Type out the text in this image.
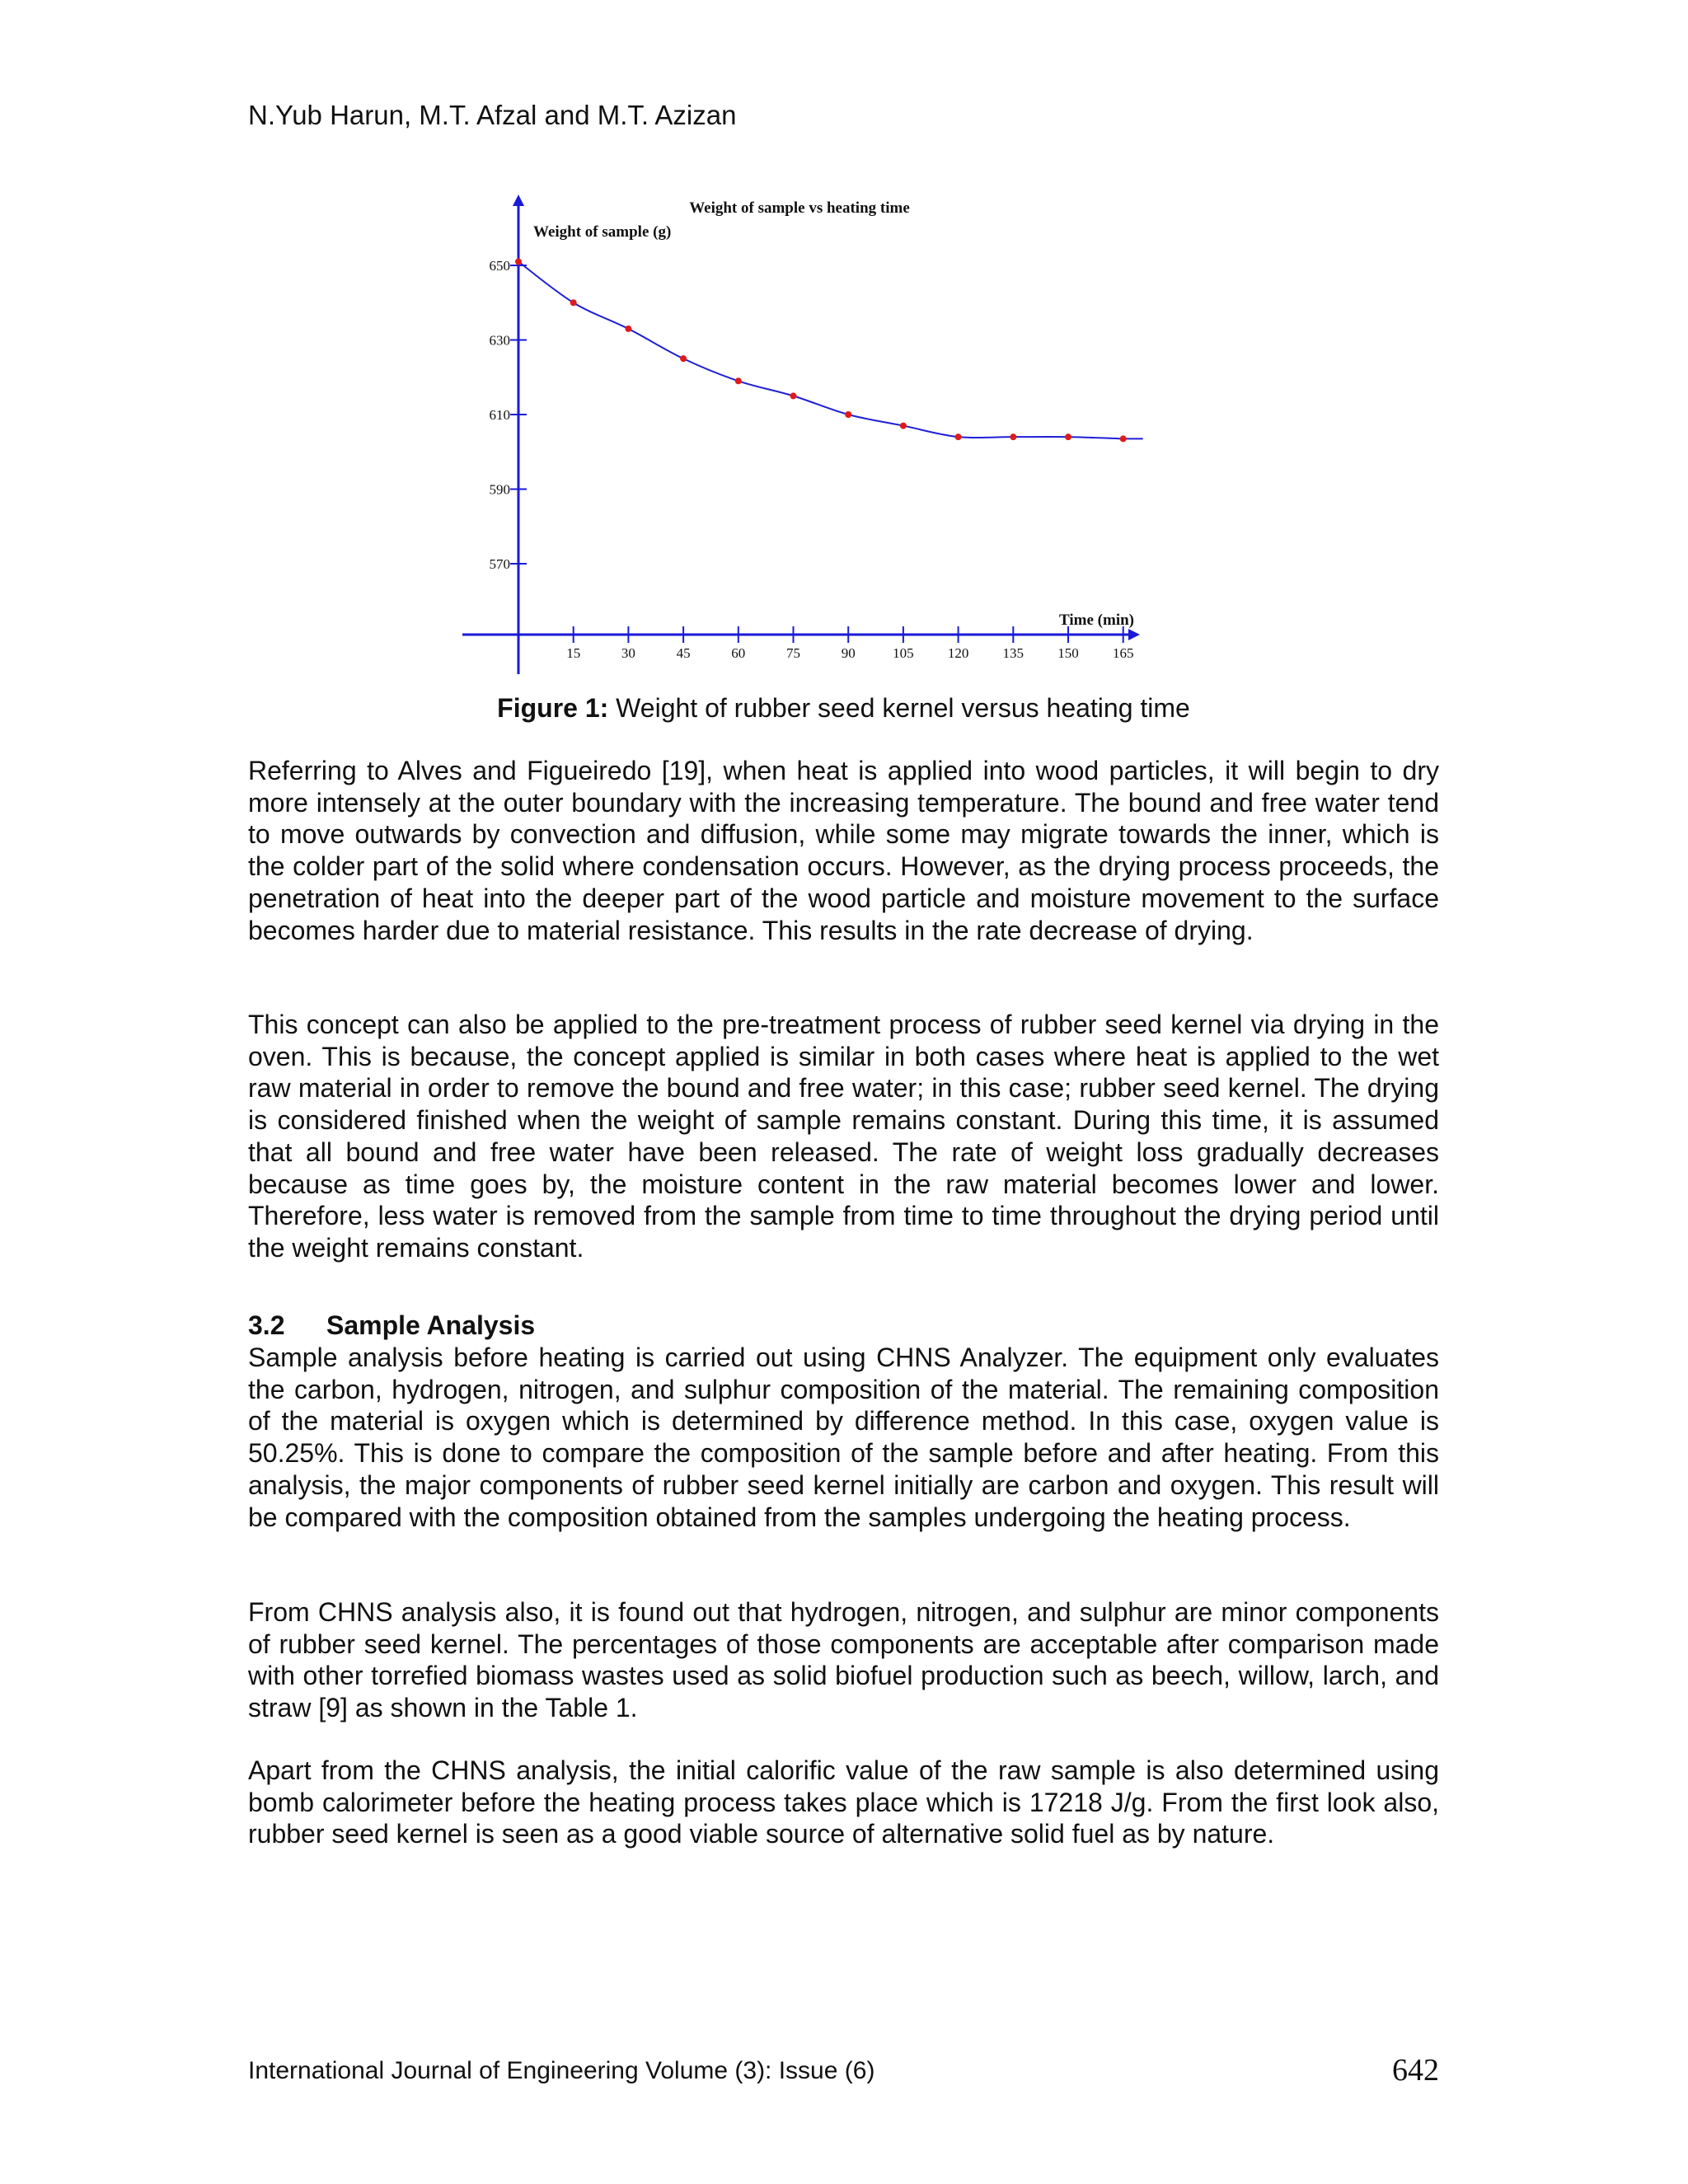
N.Yub Harun, M.T. Afzal and M.T. Azizan
Weight of sample vs heating time
Weight of sample (g)
Time (min)
15	30	45	60	75	90	105 120 135 150 165
570
590
610
630
650
Figure 1: Weight of rubber seed kernel versus heating time

Referring to Alves and Figueiredo [19], when heat is applied into wood particles, it will begin to dry more intensely at the outer boundary with the increasing temperature. The bound and free water tend to move outwards by convection and diffusion, while some may migrate towards the inner, which is the colder part of the solid where condensation occurs. However, as the drying process proceeds, the penetration of heat into the deeper part of the wood particle and moisture movement to the surface becomes harder due to material resistance. This results in the rate decrease of drying.

This concept can also be applied to the pre-treatment process of rubber seed kernel via drying in the oven. This is because, the concept applied is similar in both cases where heat is applied to the wet raw material in order to remove the bound and free water; in this case; rubber seed kernel. The drying is considered finished when the weight of sample remains constant. During this time, it is assumed that all bound and free water have been released. The rate of weight loss gradually decreases because as time goes by, the moisture content in the raw material becomes lower and lower. Therefore, less water is removed from the sample from time to time throughout the drying period until the weight remains constant.

3.2 Sample Analysis

Sample analysis before heating is carried out using CHNS Analyzer. The equipment only evaluates the carbon, hydrogen, nitrogen, and sulphur composition of the material. The remaining composition of the material is oxygen which is determined by difference method. In this case, oxygen value is 50.25%. This is done to compare the composition of the sample before and after heating. From this analysis, the major components of rubber seed kernel initially are carbon and oxygen. This result will be compared with the composition obtained from the samples undergoing the heating process.

From CHNS analysis also, it is found out that hydrogen, nitrogen, and sulphur are minor components of rubber seed kernel. The percentages of those components are acceptable after comparison made with other torrefied biomass wastes used as solid biofuel production such as beech, willow, larch, and straw [9] as shown in the Table 1.

Apart from the CHNS analysis, the initial calorific value of the raw sample is also determined using bomb calorimeter before the heating process takes place which is 17218 J/g. From the first look also, rubber seed kernel is seen as a good viable source of alternative solid fuel as by nature.

International Journal of Engineering Volume (3): Issue (6)	642
